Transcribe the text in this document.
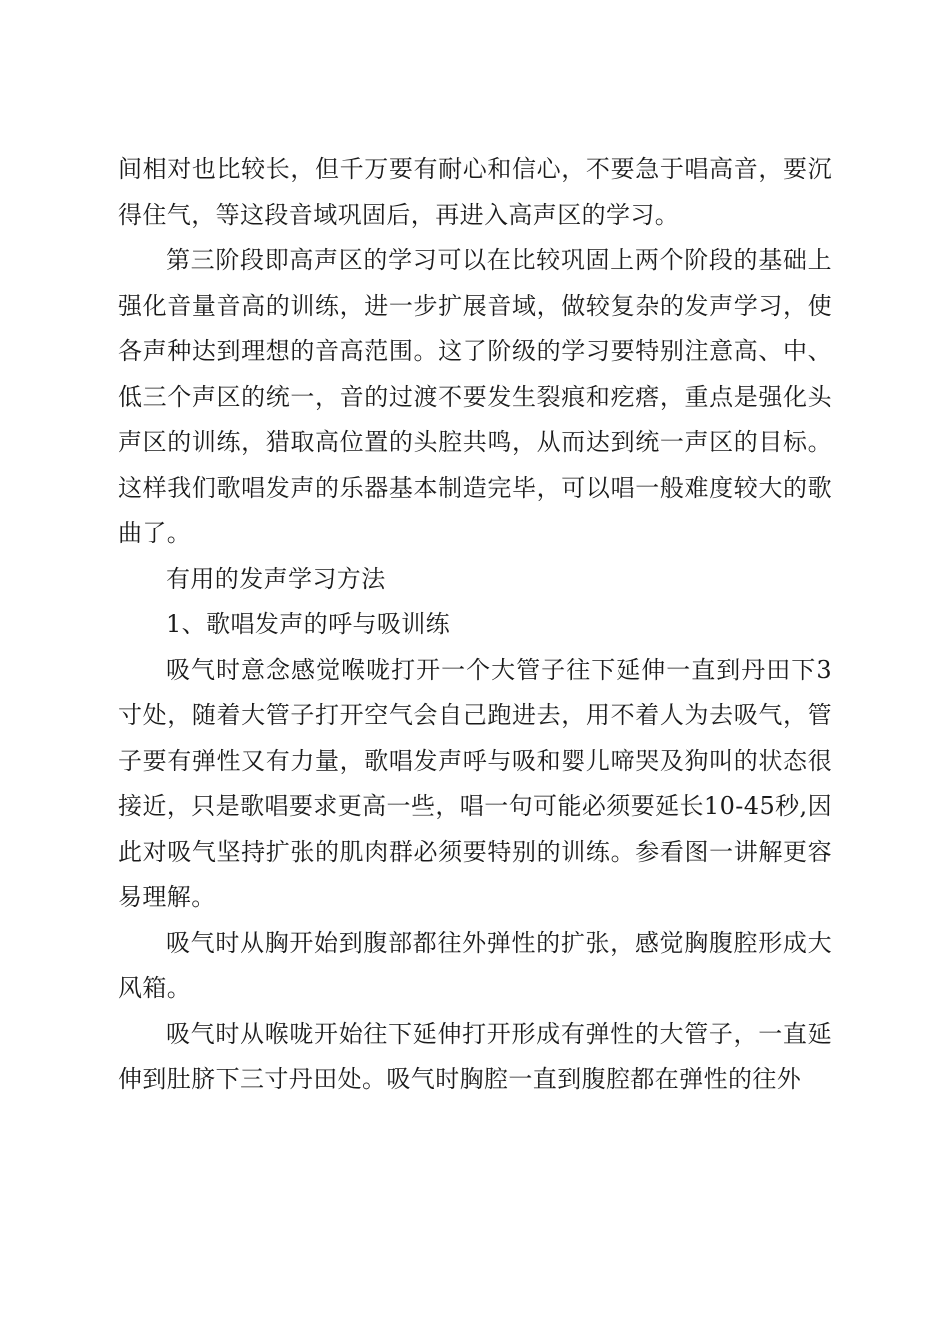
间相对也比较长，但千万要有耐心和信心，不要急于唱高音，要沉得住气，等这段音域巩固后，再进入高声区的学习。

第三阶段即高声区的学习可以在比较巩固上两个阶段的基础上强化音量音高的训练，进一步扩展音域，做较复杂的发声学习，使各声种达到理想的音高范围。这了阶级的学习要特别注意高、中、低三个声区的统一，音的过渡不要发生裂痕和疙瘩，重点是强化头声区的训练，猎取高位置的头腔共鸣，从而达到统一声区的目标。这样我们歌唱发声的乐器基本制造完毕，可以唱一般难度较大的歌曲了。

有用的发声学习方法

1、歌唱发声的呼与吸训练

吸气时意念感觉喉咙打开一个大管子往下延伸一直到丹田下3寸处，随着大管子打开空气会自己跑进去，用不着人为去吸气，管子要有弹性又有力量，歌唱发声呼与吸和婴儿啼哭及狗叫的状态很接近，只是歌唱要求更高一些，唱一句可能必须要延长10-45秒,因此对吸气坚持扩张的肌肉群必须要特别的训练。参看图一讲解更容易理解。

吸气时从胸开始到腹部都往外弹性的扩张，感觉胸腹腔形成大风箱。

吸气时从喉咙开始往下延伸打开形成有弹性的大管子，一直延伸到肚脐下三寸丹田处。吸气时胸腔一直到腹腔都在弹性的往外
